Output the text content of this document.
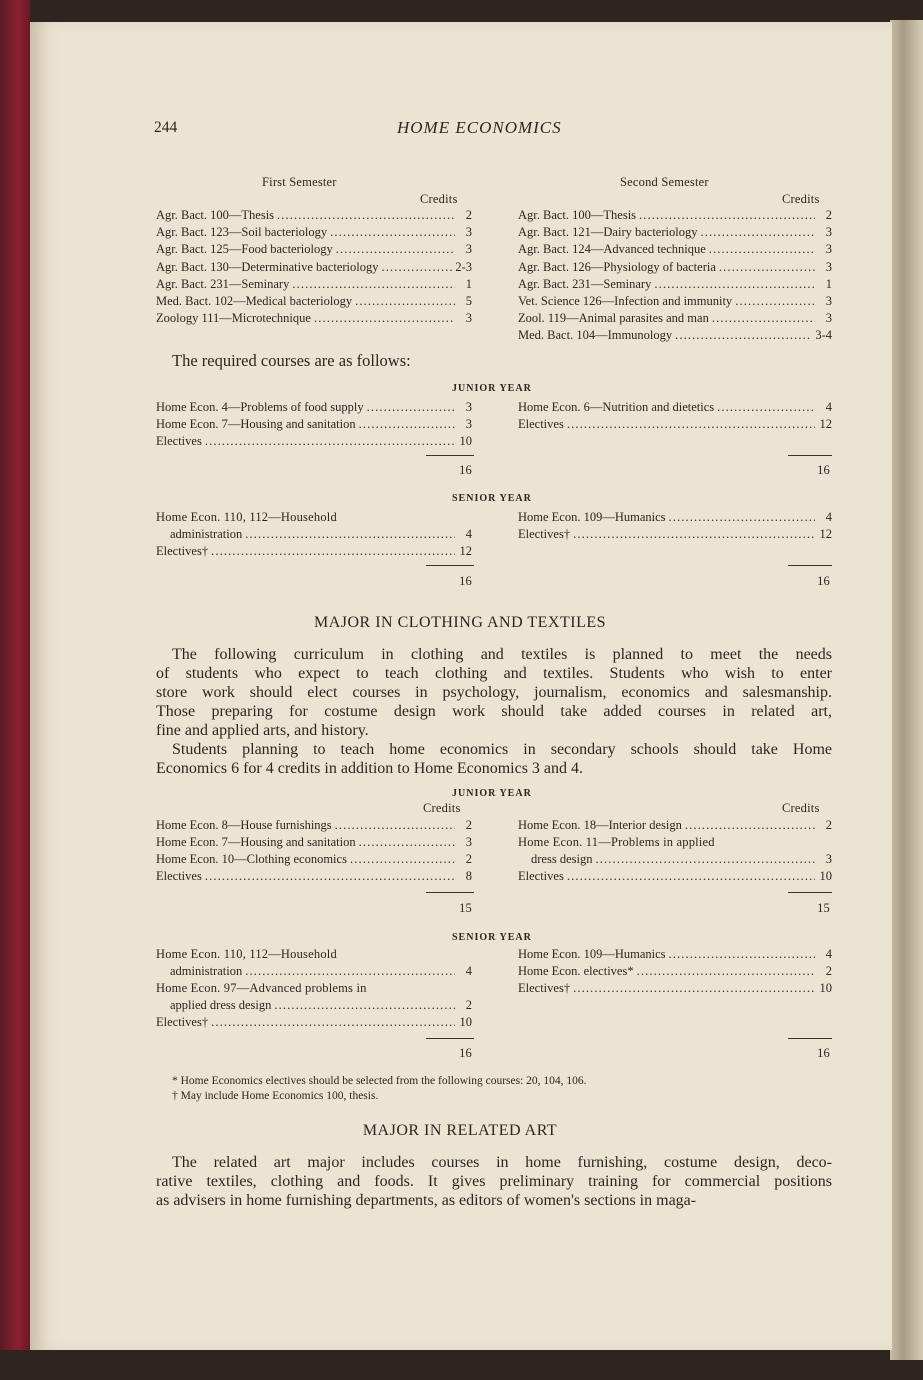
244	HOME ECONOMICS
First Semester	Second Semester
Credits	Credits
Agr. Bact. 100—Thesis . . .	2
Agr. Bact. 123—Soil bacteriology . . .	3
Agr. Bact. 125—Food bacteriology . . .	3
Agr. Bact. 130—Determinative bacteriology . . .	2-3
Agr. Bact. 231—Seminary . . .	1
Med. Bact. 102—Medical bacteriology . . .	5
Zoology 111—Microtechnique . . .	3
Agr. Bact. 100—Thesis . . .	2
Agr. Bact. 121—Dairy bacteriology . . .	3
Agr. Bact. 124—Advanced technique . . .	3
Agr. Bact. 126—Physiology of bacteria . . .	3
Agr. Bact. 231—Seminary . . .	1
Vet. Science 126—Infection and immunity . . .	3
Zool. 119—Animal parasites and man . . .	3
Med. Bact. 104—Immunology . . .	3-4
The required courses are as follows:
JUNIOR YEAR
Home Econ. 4—Problems of food supply . . .	3
Home Econ. 7—Housing and sanitation . . .	3
Electives . . .	10
Home Econ. 6—Nutrition and dietetics . . .	4
Electives . . .	12
16	16
SENIOR YEAR
Home Econ. 110, 112—Household
administration . . .	4
Electives† . . .	12
Home Econ. 109—Humanics . . .	4
Electives† . . .	12
16	16
MAJOR IN CLOTHING AND TEXTILES
The following curriculum in clothing and textiles is planned to meet the needs
of students who expect to teach clothing and textiles. Students who wish to enter
store work should elect courses in psychology, journalism, economics and salesmanship.
Those preparing for costume design work should take added courses in related art,
fine and applied arts, and history.
Students planning to teach home economics in secondary schools should take Home
Economics 6 for 4 credits in addition to Home Economics 3 and 4.
JUNIOR YEAR
Credits	Credits
Home Econ. 8—House furnishings . . .	2
Home Econ. 7—Housing and sanitation . . .	3
Home Econ. 10—Clothing economics . . .	2
Electives . . .	8
Home Econ. 18—Interior design . . .	2
Home Econ. 11—Problems in applied
dress design . . .	3
Electives . . .	10
15	15
SENIOR YEAR
Home Econ. 110, 112—Household
administration . . .	4
Home Econ. 97—Advanced problems in
applied dress design . . .	2
Electives† . . .	10
Home Econ. 109—Humanics . . .	4
Home Econ. electives* . . .	2
Electives† . . .	10
16	16
* Home Economics electives should be selected from the following courses: 20, 104, 106.
† May include Home Economics 100, thesis.
MAJOR IN RELATED ART
The related art major includes courses in home furnishing, costume design, deco-
rative textiles, clothing and foods. It gives preliminary training for commercial positions
as advisers in home furnishing departments, as editors of women's sections in maga-
